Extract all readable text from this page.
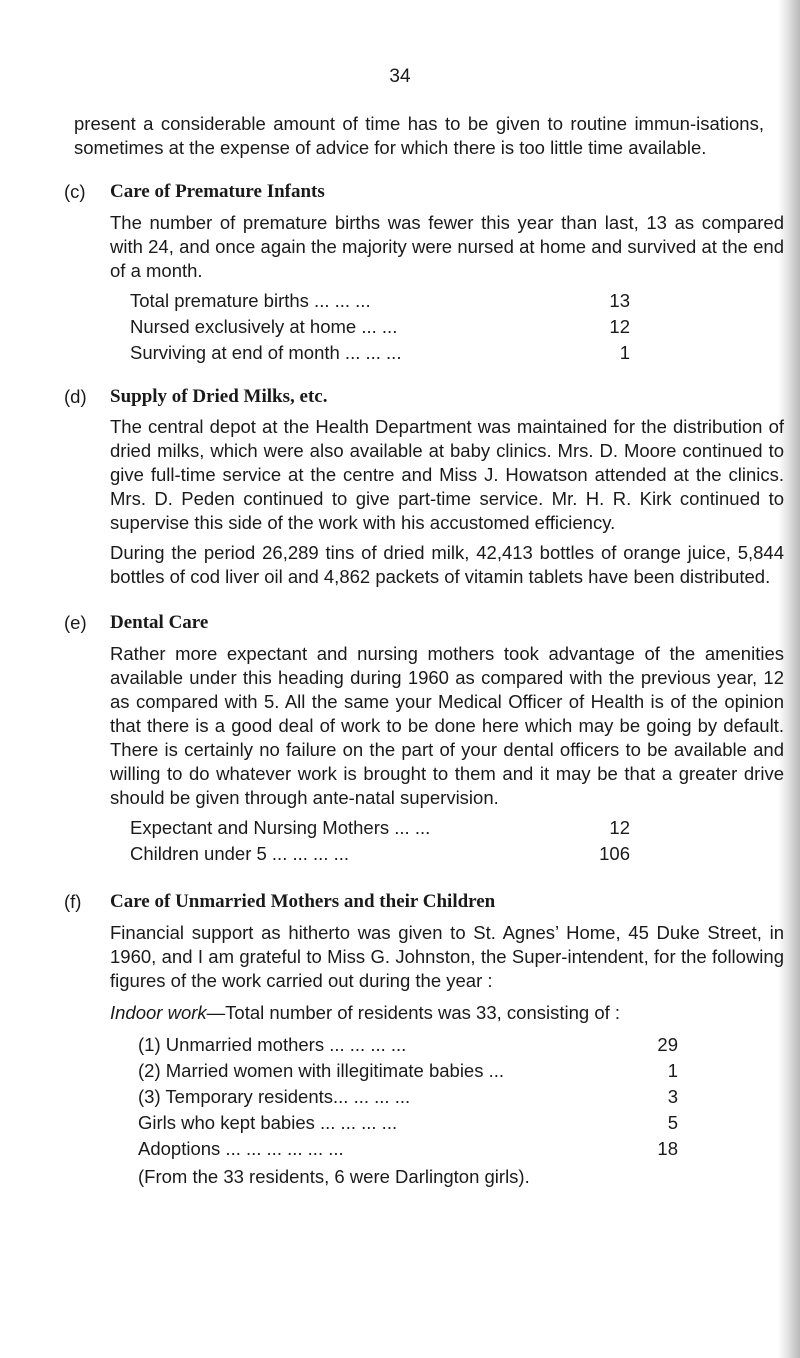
34

present a considerable amount of time has to be given to routine immun-isations, sometimes at the expense of advice for which there is too little time available.

(c) Care of Premature Infants

The number of premature births was fewer this year than last, 13 as compared with 24, and once again the majority were nursed at home and survived at the end of a month.

Total premature births ... ... ...	13
Nursed exclusively at home ... ...	12
Surviving at end of month ... ... ...	1
(d) Supply of Dried Milks, etc.

The central depot at the Health Department was maintained for the distribution of dried milks, which were also available at baby clinics. Mrs. D. Moore continued to give full-time service at the centre and Miss J. Howatson attended at the clinics. Mrs. D. Peden continued to give part-time service. Mr. H. R. Kirk continued to supervise this side of the work with his accustomed efficiency.

During the period 26,289 tins of dried milk, 42,413 bottles of orange juice, 5,844 bottles of cod liver oil and 4,862 packets of vitamin tablets have been distributed.

(e) Dental Care

Rather more expectant and nursing mothers took advantage of the amenities available under this heading during 1960 as compared with the previous year, 12 as compared with 5. All the same your Medical Officer of Health is of the opinion that there is a good deal of work to be done here which may be going by default. There is certainly no failure on the part of your dental officers to be available and willing to do whatever work is brought to them and it may be that a greater drive should be given through ante-natal supervision.

Expectant and Nursing Mothers ... ...	12
Children under 5 ... ... ... ...	106
(f) Care of Unmarried Mothers and their Children

Financial support as hitherto was given to St. Agnes’ Home, 45 Duke Street, in 1960, and I am grateful to Miss G. Johnston, the Super-intendent, for the following figures of the work carried out during the year :

Indoor work—Total number of residents was 33, consisting of :

(1) Unmarried mothers ... ... ... ...	29
(2) Married women with illegitimate babies ...	1
(3) Temporary residents... ... ... ...	3
Girls who kept babies ... ... ... ...	5
Adoptions ... ... ... ... ... ...	18

(From the 33 residents, 6 were Darlington girls).
